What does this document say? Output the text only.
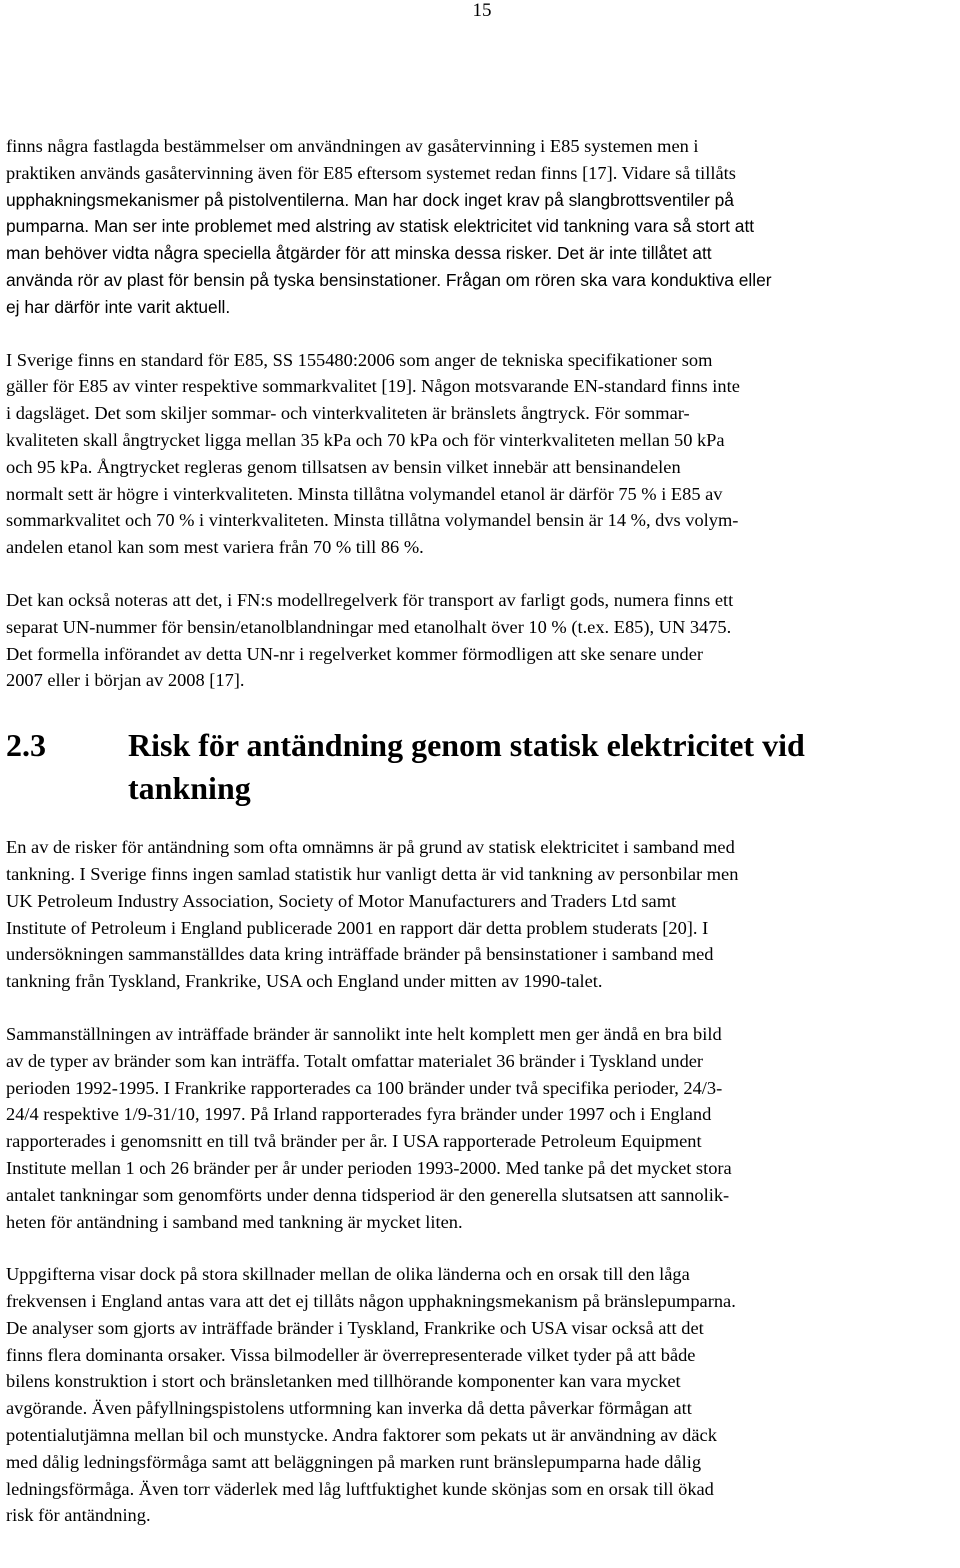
15

finns några fastlagda bestämmelser om användningen av gasåtervinning i E85 systemen men i
praktiken används gasåtervinning även för E85 eftersom systemet redan finns [17]. Vidare så tillåts
upphakningsmekanismer på pistolventilerna. Man har dock inget krav på slangbrottsventiler på
pumparna. Man ser inte problemet med alstring av statisk elektricitet vid tankning vara så stort att
man behöver vidta några speciella åtgärder för att minska dessa risker. Det är inte tillåtet att
använda rör av plast för bensin på tyska bensinstationer. Frågan om rören ska vara konduktiva eller
ej har därför inte varit aktuell.

I Sverige finns en standard för E85, SS 155480:2006 som anger de tekniska specifikationer som
gäller för E85 av vinter respektive sommarkvalitet [19]. Någon motsvarande EN-standard finns inte
i dagsläget. Det som skiljer sommar- och vinterkvaliteten är bränslets ångtryck. För sommar-
kvaliteten skall ångtrycket ligga mellan 35 kPa och 70 kPa och för vinterkvaliteten mellan 50 kPa
och 95 kPa. Ångtrycket regleras genom tillsatsen av bensin vilket innebär att bensinandelen
normalt sett är högre i vinterkvaliteten. Minsta tillåtna volymandel etanol är därför 75 % i E85 av
sommarkvalitet och 70 % i vinterkvaliteten. Minsta tillåtna volymandel bensin är 14 %, dvs volym-
andelen etanol kan som mest variera från 70 % till 86 %.

Det kan också noteras att det, i FN:s modellregelverk för transport av farligt gods, numera finns ett
separat UN-nummer för bensin/etanolblandningar med etanolhalt över 10 % (t.ex. E85), UN 3475.
Det formella införandet av detta UN-nr i regelverket kommer förmodligen att ske senare under
2007 eller i början av 2008 [17].

2.3	Risk för antändning genom statisk elektricitet vid
tankning

En av de risker för antändning som ofta omnämns är på grund av statisk elektricitet i samband med
tankning. I Sverige finns ingen samlad statistik hur vanligt detta är vid tankning av personbilar men
UK Petroleum Industry Association, Society of Motor Manufacturers and Traders Ltd samt
Institute of Petroleum i England publicerade 2001 en rapport där detta problem studerats [20]. I
undersökningen sammanställdes data kring inträffade bränder på bensinstationer i samband med
tankning från Tyskland, Frankrike, USA och England under mitten av 1990-talet.

Sammanställningen av inträffade bränder är sannolikt inte helt komplett men ger ändå en bra bild
av de typer av bränder som kan inträffa. Totalt omfattar materialet 36 bränder i Tyskland under
perioden 1992-1995. I Frankrike rapporterades ca 100 bränder under två specifika perioder, 24/3-
24/4 respektive 1/9-31/10, 1997. På Irland rapporterades fyra bränder under 1997 och i England
rapporterades i genomsnitt en till två bränder per år. I USA rapporterade Petroleum Equipment
Institute mellan 1 och 26 bränder per år under perioden 1993-2000. Med tanke på det mycket stora
antalet tankningar som genomförts under denna tidsperiod är den generella slutsatsen att sannolik-
heten för antändning i samband med tankning är mycket liten.

Uppgifterna visar dock på stora skillnader mellan de olika länderna och en orsak till den låga
frekvensen i England antas vara att det ej tillåts någon upphakningsmekanism på bränslepumparna.
De analyser som gjorts av inträffade bränder i Tyskland, Frankrike och USA visar också att det
finns flera dominanta orsaker. Vissa bilmodeller är överrepresenterade vilket tyder på att både
bilens konstruktion i stort och bränsletanken med tillhörande komponenter kan vara mycket
avgörande. Även påfyllningspistolens utformning kan inverka då detta påverkar förmågan att
potentialutjämna mellan bil och munstycke. Andra faktorer som pekats ut är användning av däck
med dålig ledningsförmåga samt att beläggningen på marken runt bränslepumparna hade dålig
ledningsförmåga. Även torr väderlek med låg luftfuktighet kunde skönjas som en orsak till ökad
risk för antändning.
